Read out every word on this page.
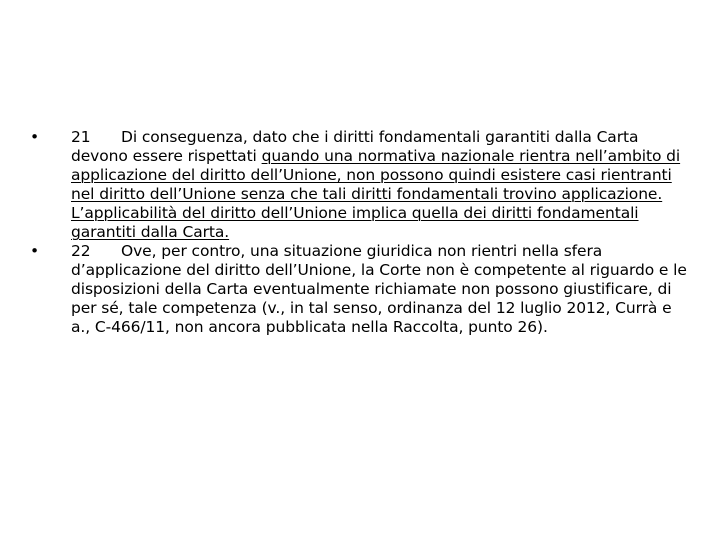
•	21 Di conseguenza, dato che i diritti fondamentali garantiti dalla Carta devono essere rispettati quando una normativa nazionale rientra nell’ambito di applicazione del diritto dell’Unione, non possono quindi esistere casi rientranti nel diritto dell’Unione senza che tali diritti fondamentali trovino applicazione. L’applicabilità del diritto dell’Unione implica quella dei diritti fondamentali garantiti dalla Carta.
•	22 Ove, per contro, una situazione giuridica non rientri nella sfera d’applicazione del diritto dell’Unione, la Corte non è competente al riguardo e le disposizioni della Carta eventualmente richiamate non possono giustificare, di per sé, tale competenza (v., in tal senso, ordinanza del 12 luglio 2012, Currà e a., C‑466/11, non ancora pubblicata nella Raccolta, punto 26).
